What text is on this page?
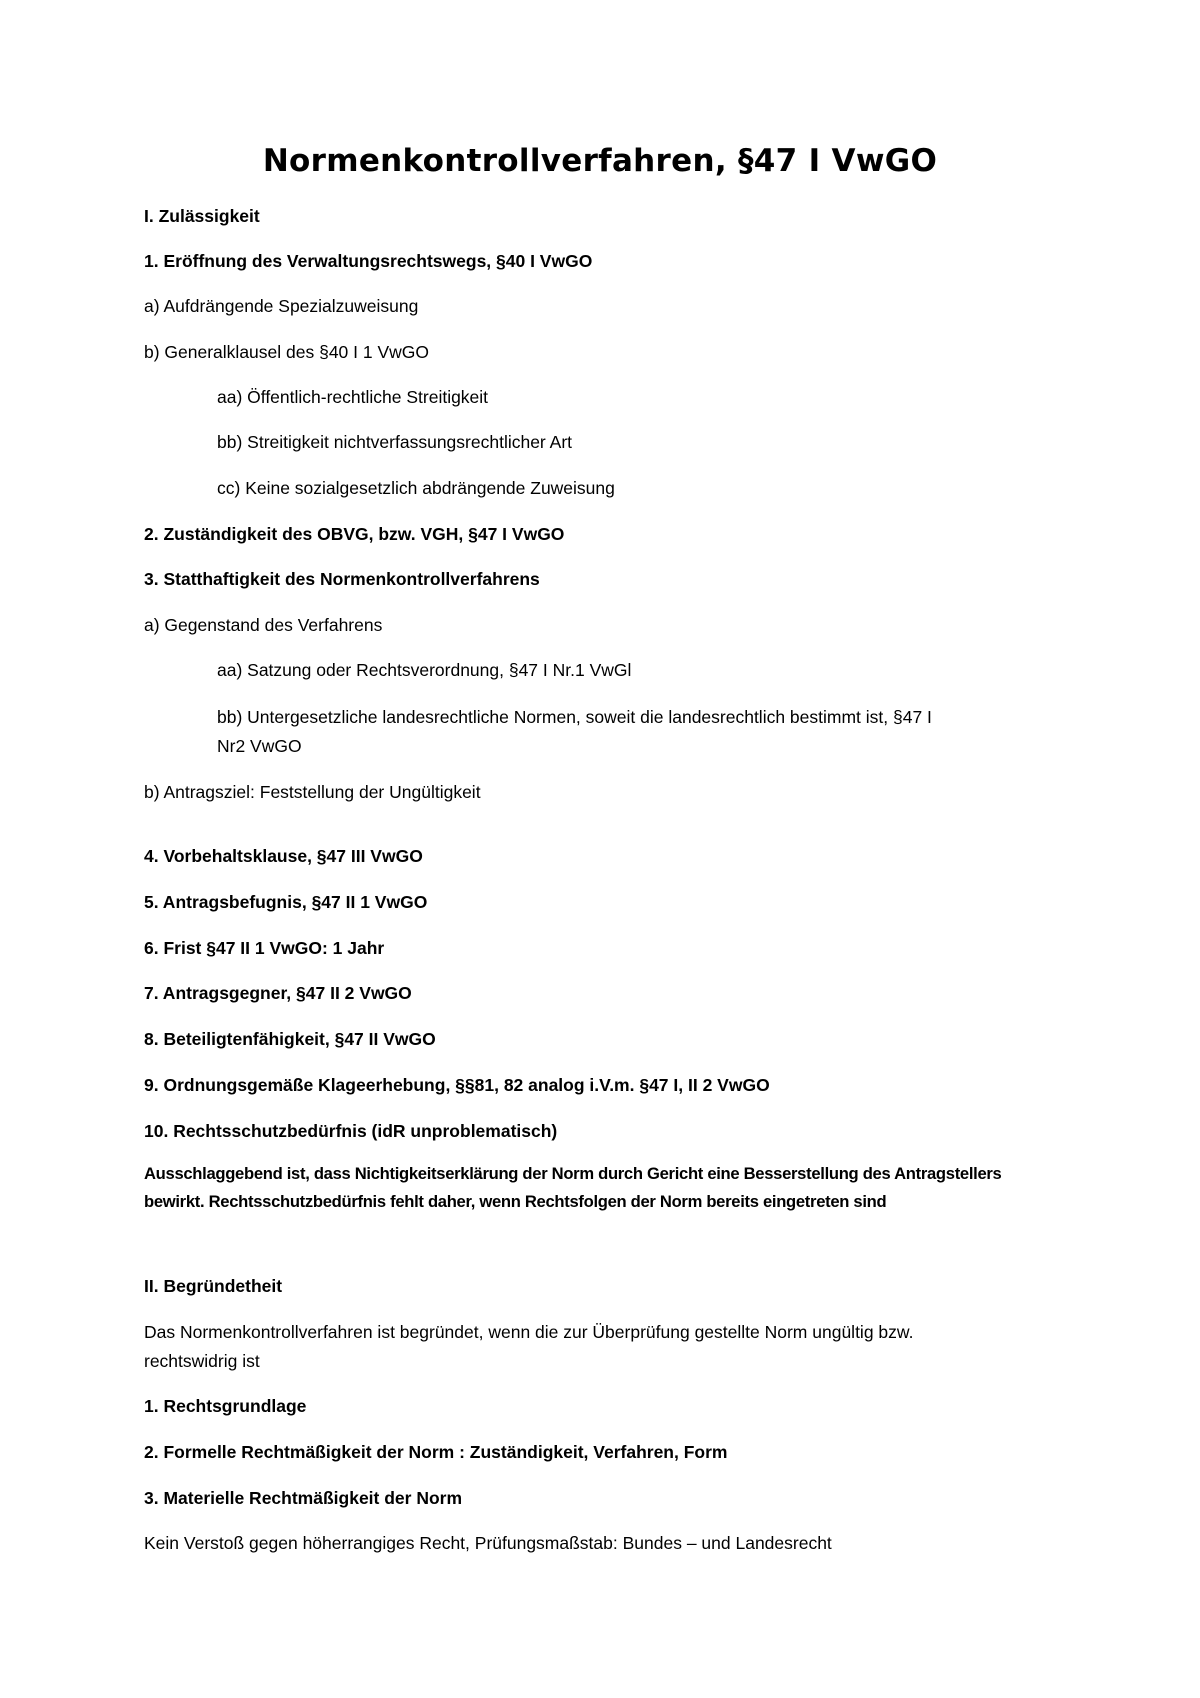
Normenkontrollverfahren, §47 I VwGO

I. Zulässigkeit

1. Eröffnung des Verwaltungsrechtswegs, §40 I VwGO

a) Aufdrängende Spezialzuweisung

b) Generalklausel des §40 I 1 VwGO

aa) Öffentlich-rechtliche Streitigkeit

bb) Streitigkeit nichtverfassungsrechtlicher Art

cc) Keine sozialgesetzlich abdrängende Zuweisung

2. Zuständigkeit des OBVG, bzw. VGH, §47 I VwGO

3. Statthaftigkeit des Normenkontrollverfahrens

a) Gegenstand des Verfahrens

aa) Satzung oder Rechtsverordnung, §47 I Nr.1 VwGl

bb) Untergesetzliche landesrechtliche Normen, soweit die landesrechtlich bestimmt ist, §47 I

Nr2 VwGO

b) Antragsziel: Feststellung der Ungültigkeit

4. Vorbehaltsklause, §47 III VwGO

5. Antragsbefugnis, §47 II 1 VwGO

6. Frist §47 II 1 VwGO: 1 Jahr

7. Antragsgegner, §47 II 2 VwGO

8. Beteiligtenfähigkeit, §47 II VwGO

9. Ordnungsgemäße Klageerhebung, §§81, 82 analog i.V.m. §47 I, II 2 VwGO

10. Rechtsschutzbedürfnis (idR unproblematisch)

Ausschlaggebend ist, dass Nichtigkeitserklärung der Norm durch Gericht eine Besserstellung des Antragstellers

bewirkt. Rechtsschutzbedürfnis fehlt daher, wenn Rechtsfolgen der Norm bereits eingetreten sind

II. Begründetheit

Das Normenkontrollverfahren ist begründet, wenn die zur Überprüfung gestellte Norm ungültig bzw.

rechtswidrig ist

1. Rechtsgrundlage

2. Formelle Rechtmäßigkeit der Norm : Zuständigkeit, Verfahren, Form

3. Materielle Rechtmäßigkeit der Norm

Kein Verstoß gegen höherrangiges Recht, Prüfungsmaßstab: Bundes – und Landesrecht
